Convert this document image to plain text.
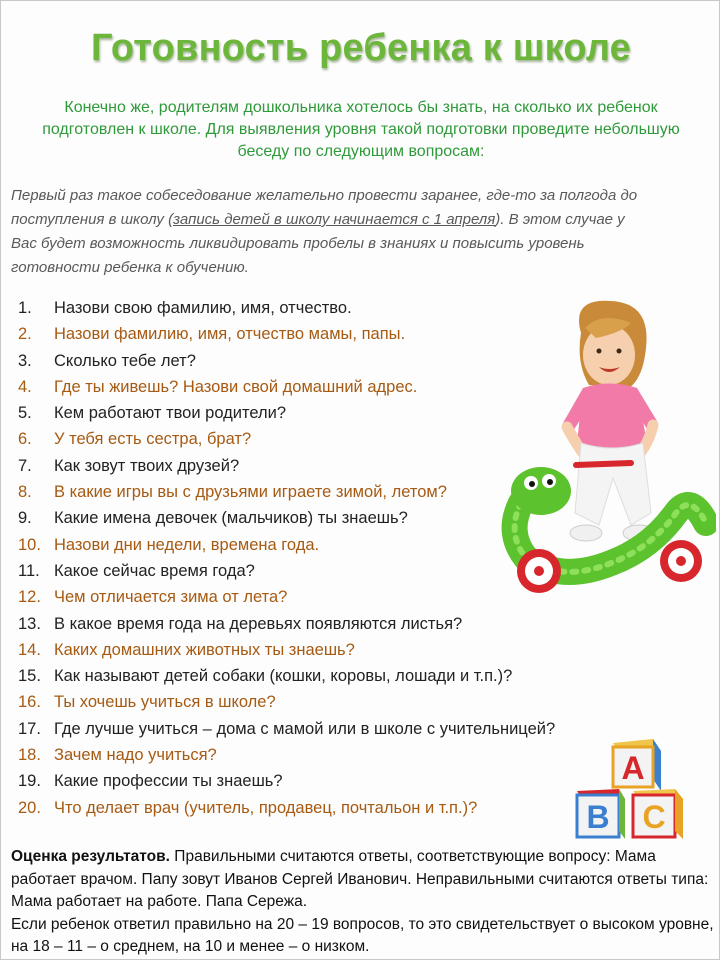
Готовность ребенка к школе

Конечно же, родителям дошкольника хотелось бы знать, на сколько их ребенок подготовлен к школе. Для выявления уровня такой подготовки проведите небольшую беседу по следующим вопросам:

Первый раз такое собеседование желательно провести заранее, где-то за полгода до
поступления в школу (запись детей в школу начинается с 1 апреля). В этом случае у
Вас будет возможность ликвидировать пробелы в знаниях и повысить уровень
готовности ребенка к обучению.
1. Назови свою фамилию, имя, отчество.
2. Назови фамилию, имя, отчество мамы, папы.
3. Сколько тебе лет?
4. Где ты живешь? Назови свой домашний адрес.
5. Кем работают твои родители?
6. У тебя есть сестра, брат?
7. Как зовут твоих друзей?
8. В какие игры вы с друзьями играете зимой, летом?
9. Какие имена девочек (мальчиков) ты знаешь?
10. Назови дни недели, времена года.
11. Какое сейчас время года?
12. Чем отличается зима от лета?
13. В какое время года на деревьях появляются листья?
14. Каких домашних животных ты знаешь?
15. Как называют детей собаки (кошки, коровы, лошади и т.п.)?
16. Ты хочешь учиться в школе?
17. Где лучше учиться – дома с мамой или в школе с учительницей?
18. Зачем надо учиться?
19. Какие профессии ты знаешь?
20. Что делает врач (учитель, продавец, почтальон и т.п.)?
A
B C
Оценка результатов. Правильными считаются ответы, соответствующие вопросу: Мама работает врачом. Папу зовут Иванов Сергей Иванович. Неправильными считаются ответы типа: Мама работает на работе. Папа Сережа.
Если ребенок ответил правильно на 20 – 19 вопросов, то это свидетельствует о высоком уровне, на 18 – 11 – о среднем, на 10 и менее – о низком.
